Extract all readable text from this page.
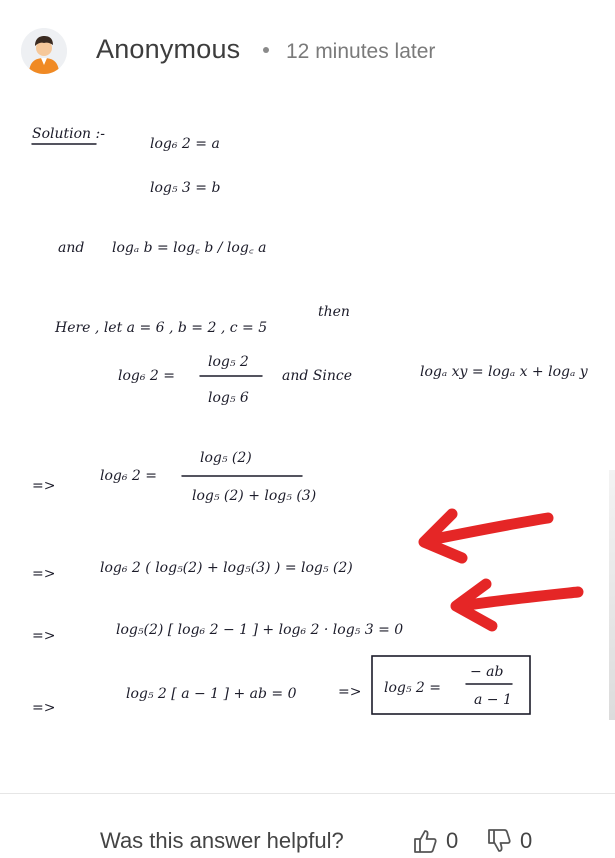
Anonymous 12 minutes later
Solution :-
log₆ 2 = a
log₅ 3 = b
and logₐ b = log꜀ b / log꜀ a
Here , let a = 6 , b = 2 , c = 5
then
log₆ 2 =
log₅ 2
log₅ 6
and Since	logₐ xy = logₐ x + logₐ y
=>
log₆ 2 =
log₅ (2)
log₅ (2) + log₅ (3)
=>	log₆ 2 ( log₅(2) + log₅(3) ) = log₅ (2)
=>	log₅(2) [ log₆ 2 − 1 ] + log₆ 2 · log₅ 3 = 0
=>
log₅ 2 [ a − 1 ] + ab = 0	=> log₅ 2 =
− ab
a − 1
Was this answer helpful?	0	0
